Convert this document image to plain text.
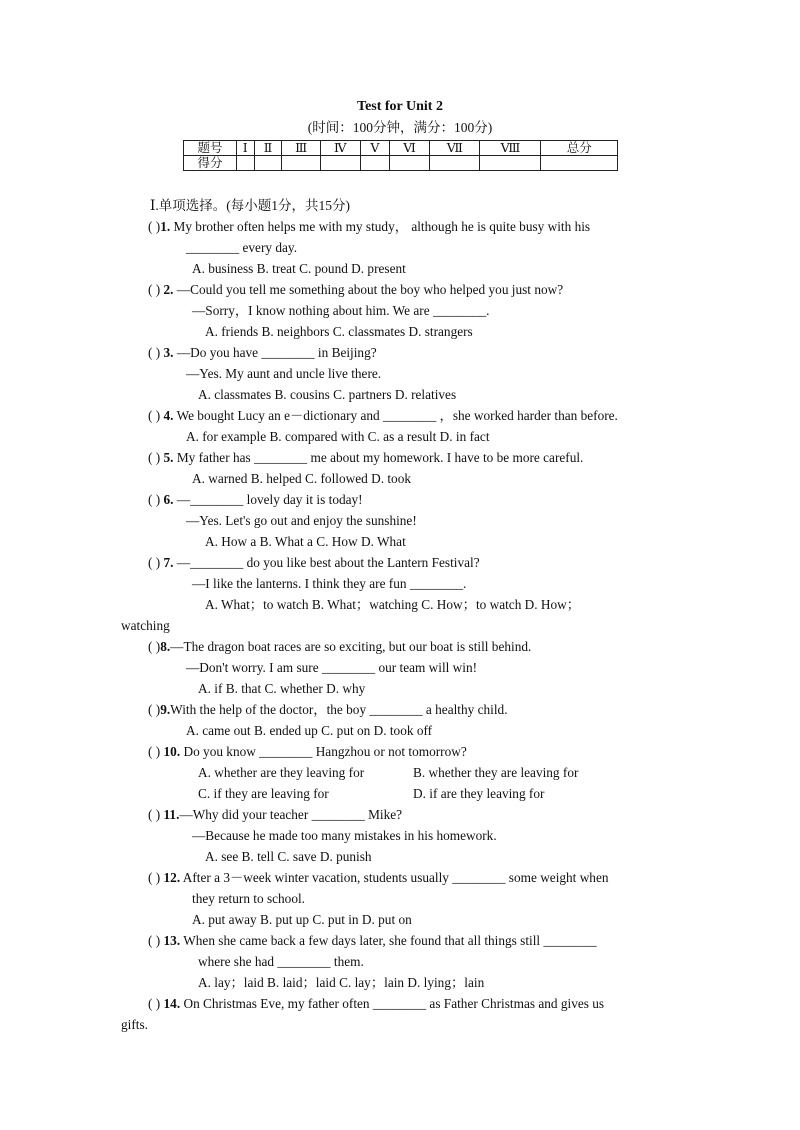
Test for Unit 2
(时间：100分钟，满分：100分)
题号	Ⅰ	Ⅱ	Ⅲ	Ⅳ	Ⅴ	Ⅵ	Ⅶ	Ⅷ	总分
得分									
Ⅰ.单项选择。(每小题1分，共15分)
( )1. My brother often helps me with my study， although he is quite busy with his
________ every day.
A. business B. treat C. pound D. present
( ) 2. —Could you tell me something about the boy who helped you just now?
—Sorry，I know nothing about him. We are ________.
A. friends B. neighbors C. classmates D. strangers
( ) 3. —Do you have ________ in Beijing?
—Yes. My aunt and uncle live there.
A. classmates B. cousins C. partners D. relatives
( ) 4. We bought Lucy an e－dictionary and ________ ，she worked harder than before.
A. for example B. compared with C. as a result D. in fact
( ) 5. My father has ________ me about my homework. I have to be more careful.
A. warned B. helped C. followed D. took
( ) 6. —________ lovely day it is today!
—Yes. Let's go out and enjoy the sunshine!
A. How a B. What a C. How D. What
( ) 7. —________ do you like best about the Lantern Festival?
—I like the lanterns. I think they are fun ________.
A. What；to watch B. What；watching C. How；to watch D. How；
watching
( )8.—The dragon boat races are so exciting, but our boat is still behind.
—Don't worry. I am sure ________ our team will win!
A. if B. that C. whether D. why
( )9.With the help of the doctor，the boy ________ a healthy child.
A. came out B. ended up C. put on D. took off
( ) 10. Do you know ________ Hangzhou or not tomorrow?
A. whether are they leaving for	B. whether they are leaving for
C. if they are leaving for	D. if are they leaving for
( ) 11.—Why did your teacher ________ Mike?
—Because he made too many mistakes in his homework.
A. see B. tell C. save D. punish
( ) 12. After a 3－week winter vacation, students usually ________ some weight when
they return to school.
A. put away B. put up C. put in D. put on
( ) 13. When she came back a few days later, she found that all things still ________
where she had ________ them.
A. lay；laid B. laid；laid C. lay；lain D. lying；lain
( ) 14. On Christmas Eve, my father often ________ as Father Christmas and gives us
gifts.
